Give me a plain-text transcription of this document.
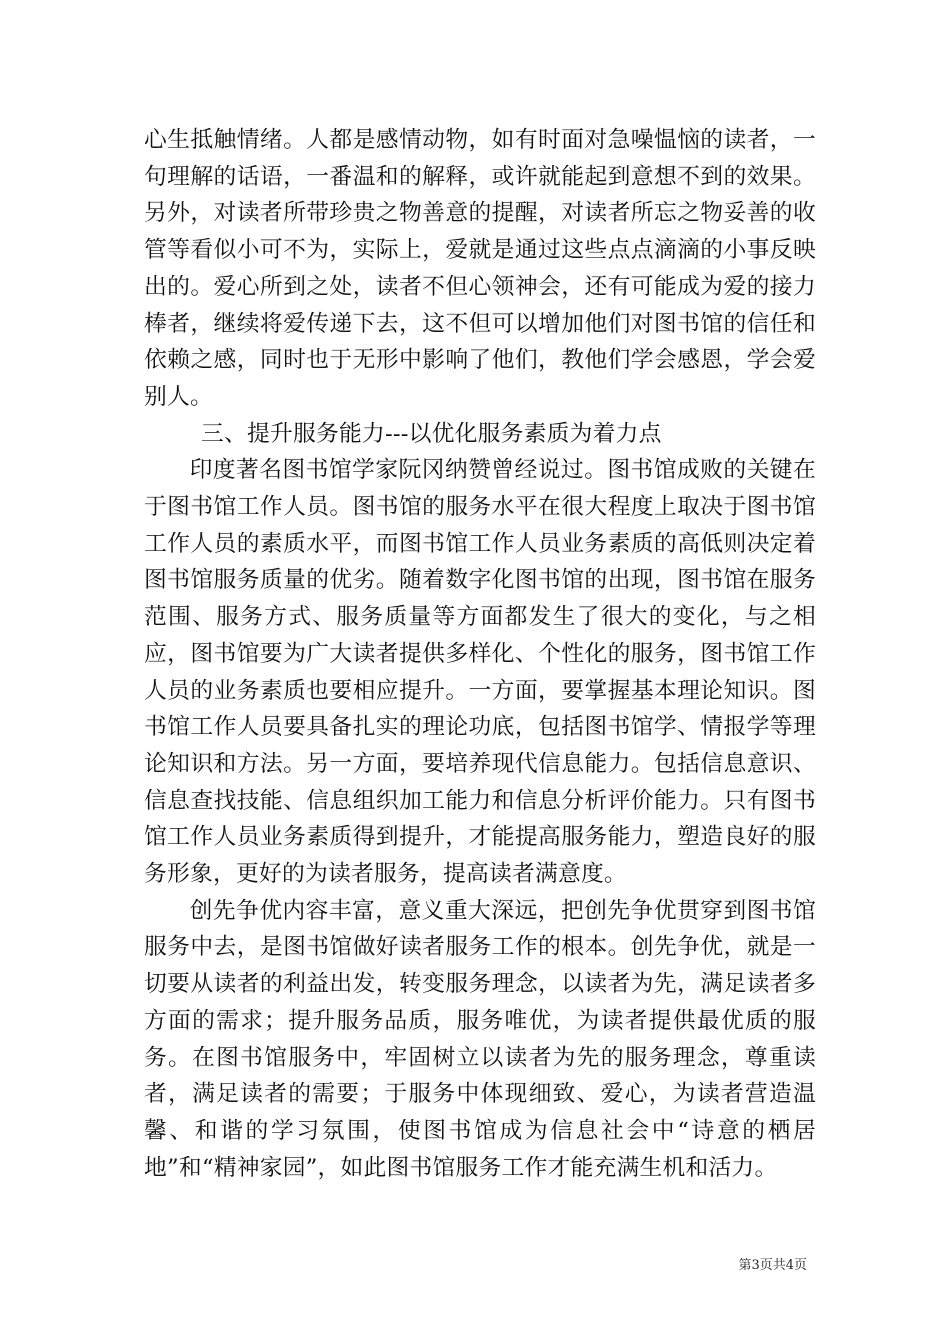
心生抵触情绪。人都是感情动物，如有时面对急噪愠恼的读者，一句理解的话语，一番温和的解释，或许就能起到意想不到的效果。另外，对读者所带珍贵之物善意的提醒，对读者所忘之物妥善的收管等看似小可不为，实际上，爱就是通过这些点点滴滴的小事反映出的。爱心所到之处，读者不但心领神会，还有可能成为爱的接力棒者，继续将爱传递下去，这不但可以增加他们对图书馆的信任和依赖之感，同时也于无形中影响了他们，教他们学会感恩，学会爱别人。

三、提升服务能力---以优化服务素质为着力点

印度著名图书馆学家阮冈纳赞曾经说过。图书馆成败的关键在于图书馆工作人员。图书馆的服务水平在很大程度上取决于图书馆工作人员的素质水平，而图书馆工作人员业务素质的高低则决定着图书馆服务质量的优劣。随着数字化图书馆的出现，图书馆在服务范围、服务方式、服务质量等方面都发生了很大的变化，与之相应，图书馆要为广大读者提供多样化、个性化的服务，图书馆工作人员的业务素质也要相应提升。一方面，要掌握基本理论知识。图书馆工作人员要具备扎实的理论功底，包括图书馆学、情报学等理论知识和方法。另一方面，要培养现代信息能力。包括信息意识、信息查找技能、信息组织加工能力和信息分析评价能力。只有图书馆工作人员业务素质得到提升，才能提高服务能力，塑造良好的服务形象，更好的为读者服务，提高读者满意度。

创先争优内容丰富，意义重大深远，把创先争优贯穿到图书馆服务中去，是图书馆做好读者服务工作的根本。创先争优，就是一切要从读者的利益出发，转变服务理念，以读者为先，满足读者多方面的需求；提升服务品质，服务唯优，为读者提供最优质的服务。在图书馆服务中，牢固树立以读者为先的服务理念，尊重读者，满足读者的需要；于服务中体现细致、爱心，为读者营造温馨、和谐的学习氛围，使图书馆成为信息社会中“诗意的栖居地”和“精神家园”，如此图书馆服务工作才能充满生机和活力。

第3页共4页
